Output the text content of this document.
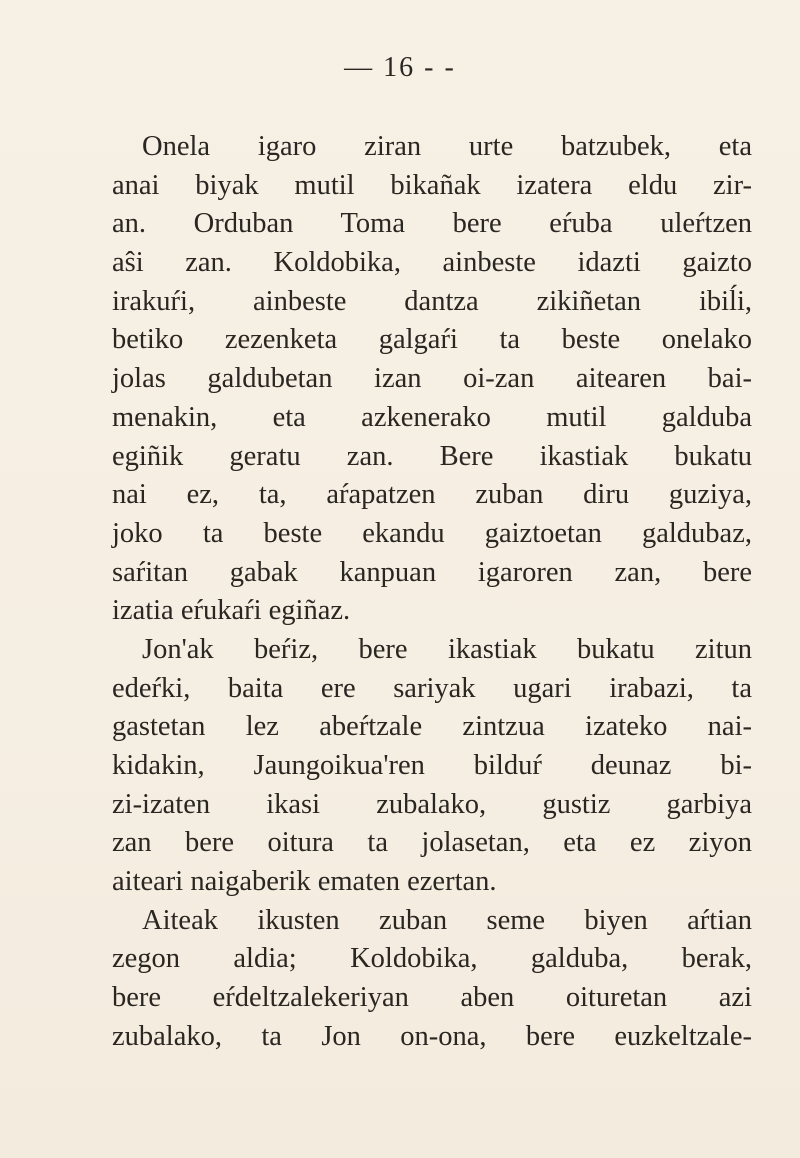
— 16 - -
Onela igaro ziran urte batzubek, eta
anai biyak mutil bikañak izatera eldu zir-
an. Orduban Toma bere eŕuba uleŕtzen
aŝi zan. Koldobika, ainbeste idazti gaizto
irakuŕi, ainbeste dantza zikiñetan ibiĺi,
betiko zezenketa galgaŕi ta beste onelako
jolas galdubetan izan oi-zan aitearen bai-
menakin, eta azkenerako mutil galduba
egiñik geratu zan. Bere ikastiak bukatu
nai ez, ta, aŕapatzen zuban diru guziya,
joko ta beste ekandu gaiztoetan galdubaz,
saŕitan gabak kanpuan igaroren zan, bere
izatia eŕukaŕi egiñaz.
Jon'ak beŕiz, bere ikastiak bukatu zitun
edeŕki, baita ere sariyak ugari irabazi, ta
gastetan lez abeŕtzale zintzua izateko nai-
kidakin, Jaungoikua'ren bilduŕ deunaz bi-
zi-izaten ikasi zubalako, gustiz garbiya
zan bere oitura ta jolasetan, eta ez ziyon
aiteari naigaberik ematen ezertan.
Aiteak ikusten zuban seme biyen aŕtian
zegon aldia; Koldobika, galduba, berak,
bere eŕdeltzalekeriyan aben oituretan azi
zubalako, ta Jon on-ona, bere euzkeltzale-
